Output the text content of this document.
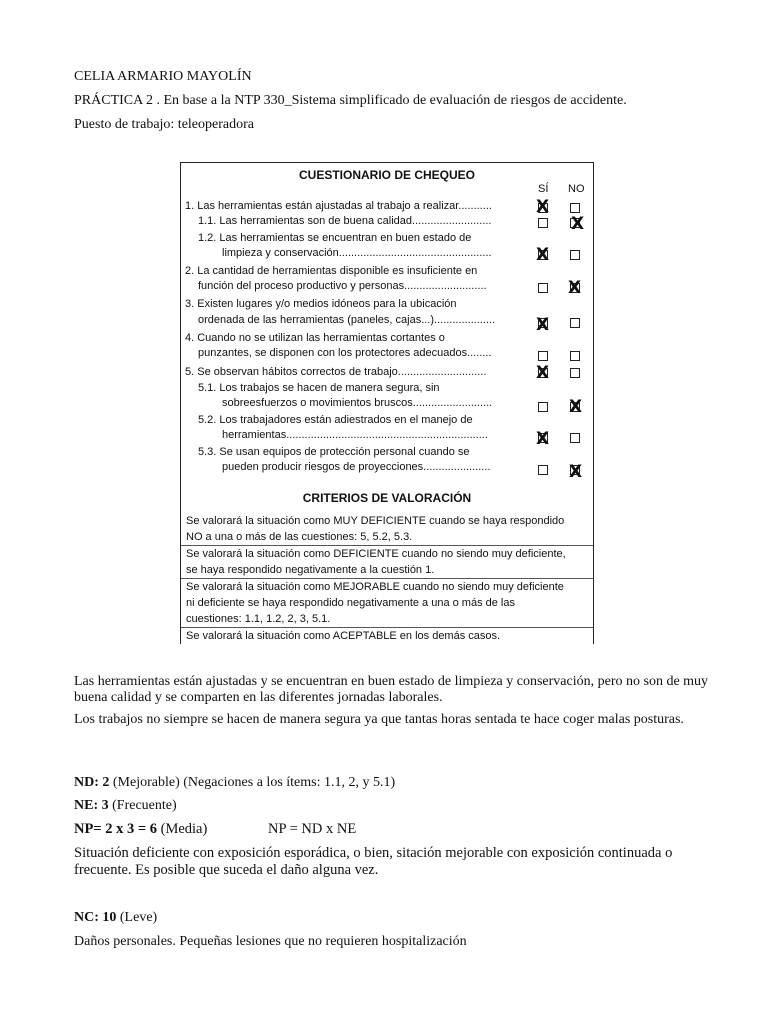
CELIA ARMARIO MAYOLÍN
PRÁCTICA 2 . En base a la NTP 330_Sistema simplificado de evaluación de riesgos de accidente.
Puesto de trabajo: teleoperadora
CUESTIONARIO DE CHEQUEO
SÍ NO
1. Las herramientas están ajustadas al trabajo a realizar...........
1.1. Las herramientas son de buena calidad..........................
1.2. Las herramientas se encuentran en buen estado de
limpieza y conservación..................................................
2. La cantidad de herramientas disponible es insuficiente en
función del proceso productivo y personas...........................
3. Existen lugares y/o medios idóneos para la ubicación
ordenada de las herramientas (paneles, cajas...)....................
4. Cuando no se utilizan las herramientas cortantes o
punzantes, se disponen con los protectores adecuados........
5. Se observan hábitos correctos de trabajo.............................
5.1. Los trabajos se hacen de manera segura, sin
sobreesfuerzos o movimientos bruscos..........................
5.2. Los trabajadores están adiestrados en el manejo de
herramientas..................................................................
5.3. Se usan equipos de protección personal cuando se
pueden producir riesgos de proyecciones......................
X
X
X
X
X
X
X
X
X
CRITERIOS DE VALORACIÓN
Se valorará la situación como MUY DEFICIENTE cuando se haya respondido
NO a una o más de las cuestiones: 5, 5.2, 5.3.
Se valorará la situación como DEFICIENTE cuando no siendo muy deficiente,
se haya respondido negativamente a la cuestión 1.
Se valorará la situación como MEJORABLE cuando no siendo muy deficiente
ni deficiente se haya respondido negativamente a una o más de las
cuestiones: 1.1, 1.2, 2, 3, 5.1.
Se valorará la situación como ACEPTABLE en los demás casos.
Las herramientas están ajustadas y se encuentran en buen estado de limpieza y conservación, pero no son de muy buena calidad y se comparten en las diferentes jornadas laborales.
Los trabajos no siempre se hacen de manera segura ya que tantas horas sentada te hace coger malas posturas.
ND: 2 (Mejorable) (Negaciones a los ítems: 1.1, 2, y 5.1)
NE: 3 (Frecuente)
NP= 2 x 3 = 6 (Media)	NP = ND x NE
Situación deficiente con exposición esporádica, o bien, sitación mejorable con exposición continuada o frecuente. Es posible que suceda el daño alguna vez.
NC: 10 (Leve)
Daños personales. Pequeñas lesiones que no requieren hospitalización
